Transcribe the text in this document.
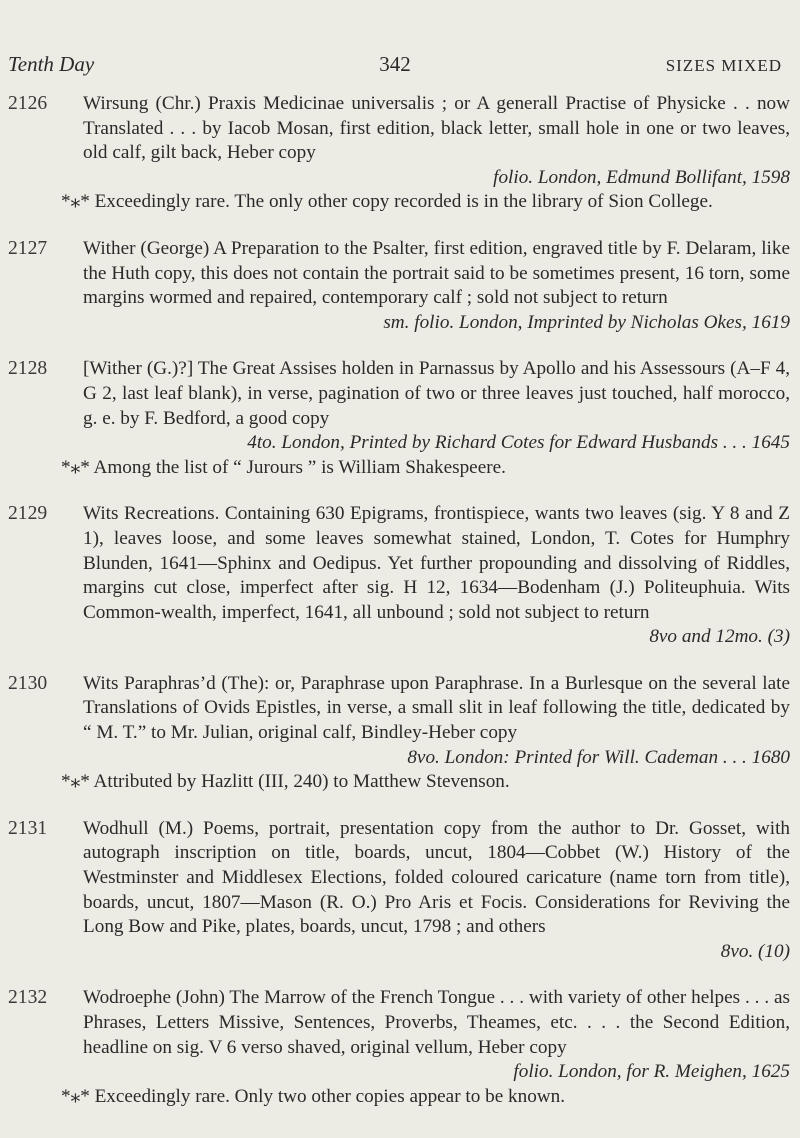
Tenth Day	342	SIZES MIXED
2126 Wirsung (Chr.) Praxis Medicinae universalis ; or A generall Practise of Physicke . . now Translated . . . by Iacob Mosan, first edition, black letter, small hole in one or two leaves, old calf, gilt back, Heber copy
folio. London, Edmund Bollifant, 1598
*⁎* Exceedingly rare. The only other copy recorded is in the library of Sion College.
2127 Wither (George) A Preparation to the Psalter, first edition, engraved title by F. Delaram, like the Huth copy, this does not contain the portrait said to be sometimes present, 16 torn, some margins wormed and repaired, contemporary calf ; sold not subject to return
sm. folio. London, Imprinted by Nicholas Okes, 1619
2128 [Wither (G.)?] The Great Assises holden in Parnassus by Apollo and his Assessours (A–F 4, G 2, last leaf blank), in verse, pagination of two or three leaves just touched, half morocco, g. e. by F. Bedford, a good copy
4to. London, Printed by Richard Cotes for Edward Husbands . . . 1645
*⁎* Among the list of “ Jurours ” is William Shakespeere.
2129 Wits Recreations. Containing 630 Epigrams, frontispiece, wants two leaves (sig. Y 8 and Z 1), leaves loose, and some leaves somewhat stained, London, T. Cotes for Humphry Blunden, 1641—Sphinx and Oedipus. Yet further propounding and dissolving of Riddles, margins cut close, imperfect after sig. H 12, 1634—Bodenham (J.) Politeuphuia. Wits Common-wealth, imperfect, 1641, all unbound ; sold not subject to return
8vo and 12mo. (3)
2130 Wits Paraphras’d (The): or, Paraphrase upon Paraphrase. In a Burlesque on the several late Translations of Ovids Epistles, in verse, a small slit in leaf following the title, dedicated by “ M. T.” to Mr. Julian, original calf, Bindley-Heber copy
8vo. London: Printed for Will. Cademan . . . 1680
*⁎* Attributed by Hazlitt (III, 240) to Matthew Stevenson.
2131 Wodhull (M.) Poems, portrait, presentation copy from the author to Dr. Gosset, with autograph inscription on title, boards, uncut, 1804—Cobbet (W.) History of the Westminster and Middlesex Elections, folded coloured caricature (name torn from title), boards, uncut, 1807—Mason (R. O.) Pro Aris et Focis. Considerations for Reviving the Long Bow and Pike, plates, boards, uncut, 1798 ; and others
8vo. (10)
2132 Wodroephe (John) The Marrow of the French Tongue . . . with variety of other helpes . . . as Phrases, Letters Missive, Sentences, Proverbs, Theames, etc. . . . the Second Edition, headline on sig. V 6 verso shaved, original vellum, Heber copy
folio. London, for R. Meighen, 1625
*⁎* Exceedingly rare. Only two other copies appear to be known.
